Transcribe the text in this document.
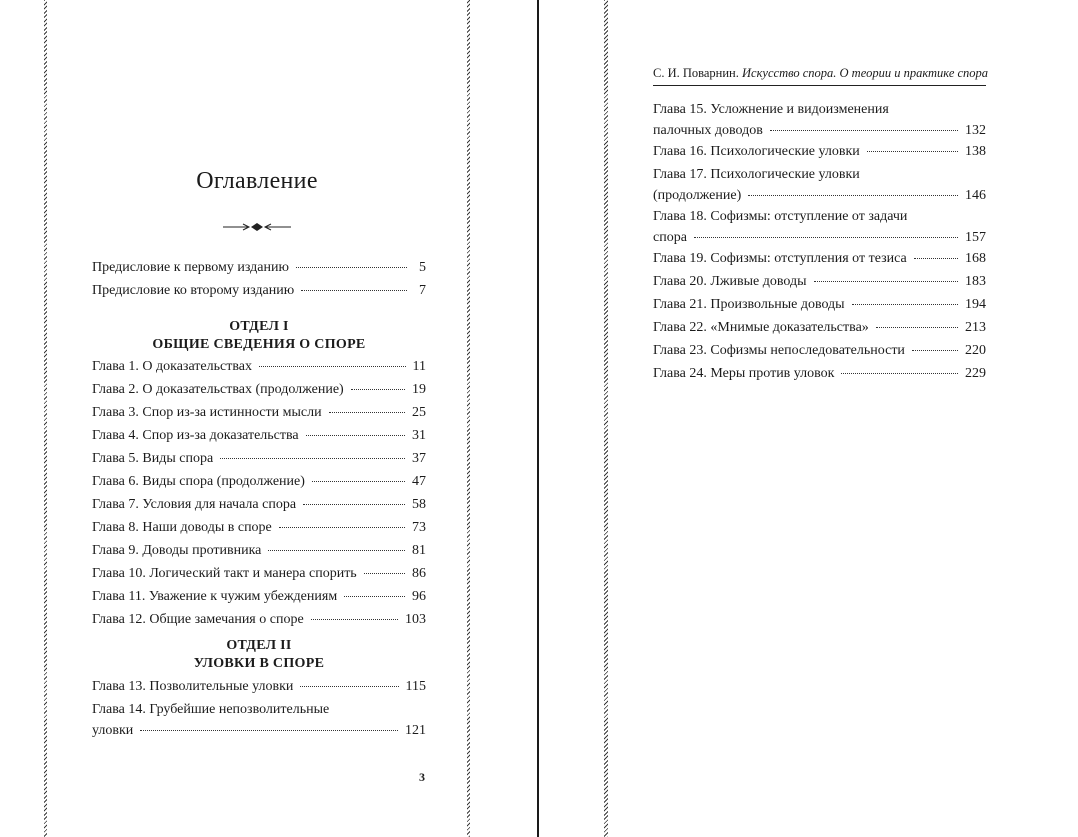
Оглавление
Предисловие к первому изданию	5
Предисловие ко второму изданию	7
ОТДЕЛ I
ОБЩИЕ СВЕДЕНИЯ О СПОРЕ
Глава 1. О доказательствах	11
Глава 2. О доказательствах (продолжение)	19
Глава 3. Спор из-за истинности мысли	25
Глава 4. Спор из-за доказательства	31
Глава 5. Виды спора	37
Глава 6. Виды спора (продолжение)	47
Глава 7. Условия для начала спора	58
Глава 8. Наши доводы в споре	73
Глава 9. Доводы противника	81
Глава 10. Логический такт и манера спорить	86
Глава 11. Уважение к чужим убеждениям	96
Глава 12. Общие замечания о споре	103
ОТДЕЛ II
УЛОВКИ В СПОРЕ
Глава 13. Позволительные уловки	115
Глава 14. Грубейшие непозволительные
уловки	121
3
С. И. Поварнин. Искусство спора. О теории и практике спора
Глава 15. Усложнение и видоизменения
палочных доводов	132
Глава 16. Психологические уловки	138
Глава 17. Психологические уловки
(продолжение)	146
Глава 18. Софизмы: отступление от задачи
спора	157
Глава 19. Софизмы: отступления от тезиса	168
Глава 20. Лживые доводы	183
Глава 21. Произвольные доводы	194
Глава 22. «Мнимые доказательства»	213
Глава 23. Софизмы непоследовательности	220
Глава 24. Меры против уловок	229
